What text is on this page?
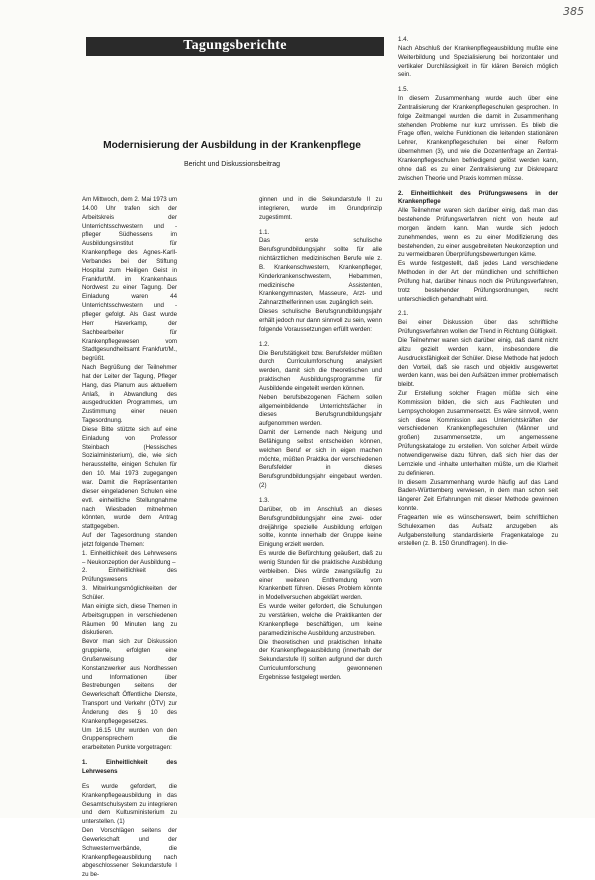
385
Tagungsberichte
Modernisierung der Ausbildung in der Krankenpflege
Bericht und Diskussionsbeitrag

Am Mittwoch, dem 2. Mai 1973 um 14.00 Uhr trafen sich der Arbeitskreis der Unterrichtsschwestern und -pfleger Südhessens im Ausbildungsinstitut für Krankenpflege des Agnes-Karll-Verbandes bei der Stiftung Hospital zum Heiligen Geist in Frankfurt/M. im Krankenhaus Nordwest zu einer Tagung. Der Einladung waren 44 Unterrichtsschwestern und -pfleger gefolgt. Als Gast wurde Herr Haverkamp, der Sachbearbeiter für Krankenpflegewesen vom Stadtgesundheitsamt Frankfurt/M., begrüßt.

Nach Begrüßung der Teilnehmer hat der Leiter der Tagung, Pfleger Hang, das Planum aus aktuellem Anlaß, in Abwandlung des ausgedruckten Programmes, um Zustimmung einer neuen Tagesordnung.

Diese Bitte stützte sich auf eine Einladung von Professor Steinbach (Hessisches Sozialministerium), die, wie sich herausstellte, einigen Schulen für den 10. Mai 1973 zugegangen war. Damit die Repräsentanten dieser eingeladenen Schulen eine evtl. einheitliche Stellungnahme nach Wiesbaden mitnehmen könnten, wurde dem Antrag stattgegeben.

Auf der Tagesordnung standen jetzt folgende Themen:

1. Einheitlichkeit des Lehrwesens – Neukonzeption der Ausbildung –

2. Einheitlichkeit des Prüfungswesens

3. Mitwirkungsmöglichkeiten der Schüler.

Man einigte sich, diese Themen in Arbeitsgruppen in verschiedenen Räumen 90 Minuten lang zu diskutieren.

Bevor man sich zur Diskussion gruppierte, erfolgten eine Grußerweisung der Konstanzwerker aus Nordhessen und Informationen über Bestrebungen seitens der Gewerkschaft Öffentliche Dienste, Transport und Verkehr (ÖTV) zur Änderung des § 10 des Krankenpflegegesetzes.

Um 16.15 Uhr wurden von den Gruppensprechern die erarbeiteten Punkte vorgetragen:

1. Einheitlichkeit des Lehrwesens

Es wurde gefordert, die Krankenpflegeausbildung in das Gesamtschulsystem zu integrieren und dem Kultusministerium zu unterstellen. (1)

Den Vorschlägen seitens der Gewerkschaft und der Schwesternverbände, die Krankenpflegeausbildung nach abgeschlossener Sekundarstufe I zu be-

ginnen und in die Sekundarstufe II zu integrieren, wurde im Grundprinzip zugestimmt.

1.1.

Das erste schulische Berufsgrundbildungsjahr sollte für alle nichtärztlichen medizinischen Berufe wie z. B. Krankenschwestern, Krankenpfleger, Kinderkrankenschwestern, Hebammen, medizinische Assistenten, Krankengymnasten, Masseure, Arzt- und Zahnarzthelferinnen usw. zugänglich sein.

Dieses schulische Berufsgrundbildungsjahr erhält jedoch nur dann sinnvoll zu sein, wenn folgende Voraussetzungen erfüllt werden:

1.2.

Die Berufstätigkeit bzw. Berufsfelder müßten durch Curriculumforschung analysiert werden, damit sich die theoretischen und praktischen Ausbildungsprogramme für Ausbildende eingeteilt werden können.

Neben berufsbezogenen Fächern sollen allgemeinbildende Unterrichtsfächer in dieses Berufsgrundbildungsjahr aufgenommen werden.

Damit der Lernende nach Neigung und Befähigung selbst entscheiden können, welchen Beruf er sich in eigen machen möchte, müßten Praktika der verschiedenen Berufsfelder in dieses Berufsgrundbildungsjahr eingebaut werden. (2)

1.3.

Darüber, ob im Anschluß an dieses Berufsgrundbildungsjahr eine zwei- oder dreijährige spezielle Ausbildung erfolgen sollte, konnte innerhalb der Gruppe keine Einigung erzielt werden.

Es wurde die Befürchtung geäußert, daß zu wenig Stunden für die praktische Ausbildung verbleiben. Dies würde zwangsläufig zu einer weiteren Entfremdung vom Krankenbett führen. Dieses Problem könnte in Modellversuchen abgeklärt werden.

Es wurde weiter gefordert, die Schulungen zu verstärken, welche die Praktikanten der Krankenpflege beschäftigen, um keine paramedizinische Ausbildung anzustreben.

Die theoretischen und praktischen Inhalte der Krankenpflegeausbildung (innerhalb der Sekundarstufe II) sollten aufgrund der durch Curriculumforschung gewonnenen Ergebnisse festgelegt werden.

1.4.

Nach Abschluß der Krankenpflegeausbildung mußte eine Weiterbildung und Spezialisierung bei horizontaler und vertikaler Durchlässigkeit in für klären Bereich möglich sein.

1.5.

In diesem Zusammenhang wurde auch über eine Zentralisierung der Krankenpflegeschulen gesprochen. In folge Zeitmangel wurden die damit in Zusammenhang stehenden Probleme nur kurz umrissen. Es blieb die Frage offen, welche Funktionen die leitenden stationären Lehrer, Krankenpflegeschulen bei einer Reform übernehmen (3), und wie die Dozentenfrage an Zentral-Krankenpflegeschulen befriedigend gelöst werden kann, ohne daß es zu einer Zentralisierung zur Diskrepanz zwischen Theorie und Praxis kommen müsse.

2. Einheitlichkeit des Prüfungswesens in der Krankenpflege

Alle Teilnehmer waren sich darüber einig, daß man das bestehende Prüfungsverfahren nicht von heute auf morgen ändern kann. Man wurde sich jedoch zunehmendes, wenn es zu einer Modifizierung des bestehenden, zu einer ausgebreiteten Neukonzeption und zu vermeidbaren Überprüfungsbewertungen käme.

Es wurde festgestellt, daß jedes Land verschiedene Methoden in der Art der mündlichen und schriftlichen Prüfung hat, darüber hinaus noch die Prüfungsverfahren, trotz bestehender Prüfungsordnungen, recht unterschiedlich gehandhabt wird.

2.1.

Bei einer Diskussion über das schriftliche Prüfungsverfahren wollen der Trend in Richtung Gültigkeit.

Die Teilnehmer waren sich darüber einig, daß damit nicht allzu gezielt werden kann, insbesondere die Ausdrucksfähigkeit der Schüler. Diese Methode hat jedoch den Vorteil, daß sie rasch und objektiv ausgewertet werden kann, was bei den Aufsätzen immer problematisch bleibt.

Zur Erstellung solcher Fragen müßte sich eine Kommission bilden, die sich aus Fachleuten und Lernpsychologen zusammensetzt. Es wäre sinnvoll, wenn sich diese Kommission aus Unterrichtskräften der verschiedenen Krankenpflegeschulen (Männer und großen) zusammensetzte, um angemessene Prüfungskataloge zu erstellen. Von solcher Arbeit würde notwendigerweise dazu führen, daß sich hier das der Lernziele und -inhalte unterhalten müßte, um die Klarheit zu definieren.

In diesem Zusammenhang wurde häufig auf das Land Baden-Württemberg verwiesen, in dem man schon seit längerer Zeit Erfahrungen mit dieser Methode gewinnen konnte.

Fragearten wie es wünschenswert, beim schriftlichen Schulexamen das Aufsatz anzugeben als Aufgabenstellung standardisierte Fragenkataloge zu erstellen (z. B. 150 Grundfragen). In die-
